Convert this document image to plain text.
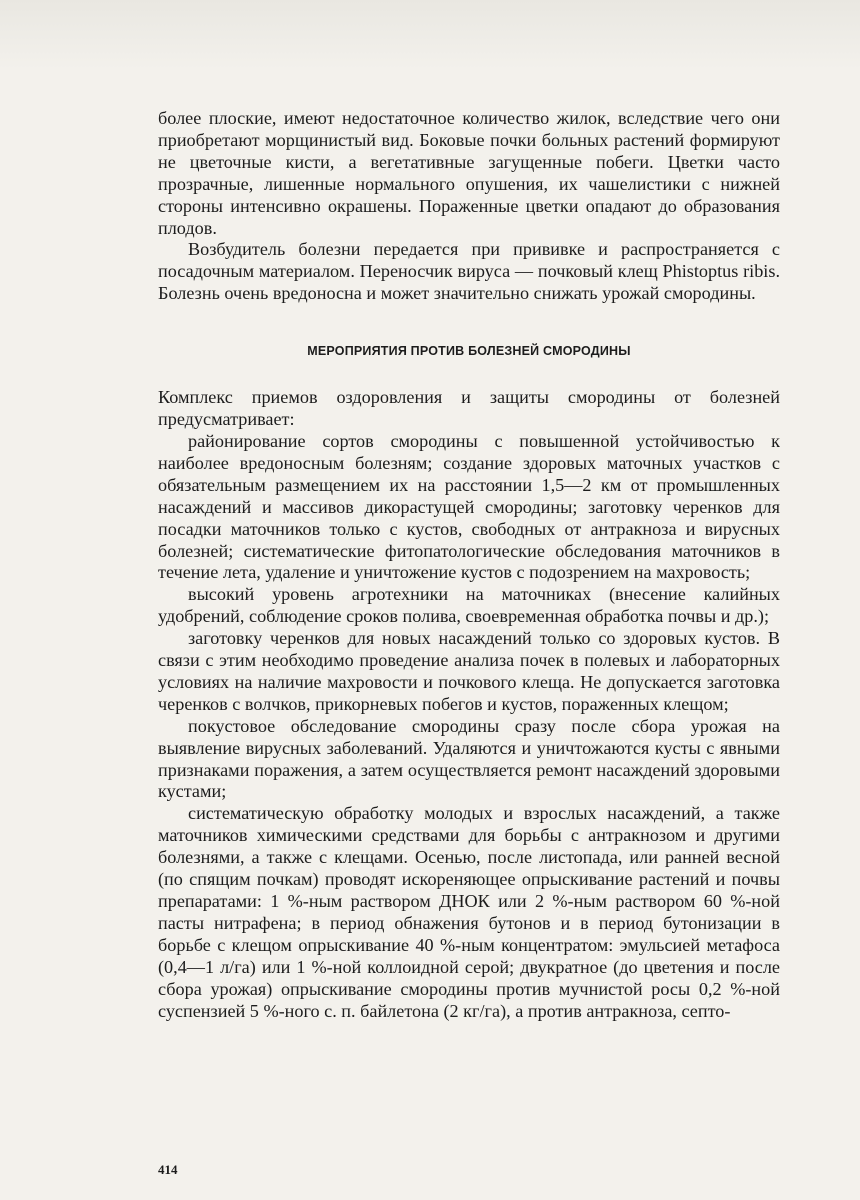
более плоские, имеют недостаточное количество жилок, вследствие чего они приобретают морщинистый вид. Боковые почки больных растений формируют не цветочные кисти, а вегетативные загущенные побеги. Цветки часто прозрачные, лишенные нормального опушения, их чашелистики с нижней стороны интенсивно окрашены. Пораженные цветки опадают до образования плодов.

Возбудитель болезни передается при прививке и распространяется с посадочным материалом. Переносчик вируса — почковый клещ Phistoptus ribis. Болезнь очень вредоносна и может значительно снижать урожай смородины.

МЕРОПРИЯТИЯ ПРОТИВ БОЛЕЗНЕЙ СМОРОДИНЫ

Комплекс приемов оздоровления и защиты смородины от болезней предусматривает:

районирование сортов смородины с повышенной устойчивостью к наиболее вредоносным болезням; создание здоровых маточных участков с обязательным размещением их на расстоянии 1,5—2 км от промышленных насаждений и массивов дикорастущей смородины; заготовку черенков для посадки маточников только с кустов, свободных от антракноза и вирусных болезней; систематические фитопатологические обследования маточников в течение лета, удаление и уничтожение кустов с подозрением на махровость;

высокий уровень агротехники на маточниках (внесение калийных удобрений, соблюдение сроков полива, своевременная обработка почвы и др.);

заготовку черенков для новых насаждений только со здоровых кустов. В связи с этим необходимо проведение анализа почек в полевых и лабораторных условиях на наличие махровости и почкового клеща. Не допускается заготовка черенков с волчков, прикорневых побегов и кустов, пораженных клещом;

покустовое обследование смородины сразу после сбора урожая на выявление вирусных заболеваний. Удаляются и уничтожаются кусты с явными признаками поражения, а затем осуществляется ремонт насаждений здоровыми кустами;

систематическую обработку молодых и взрослых насаждений, а также маточников химическими средствами для борьбы с антракнозом и другими болезнями, а также с клещами. Осенью, после листопада, или ранней весной (по спящим почкам) проводят искореняющее опрыскивание растений и почвы препаратами: 1 %-ным раствором ДНОК или 2 %-ным раствором 60 %-ной пасты нитрафена; в период обнажения бутонов и в период бутонизации в борьбе с клещом опрыскивание 40 %-ным концентратом: эмульсией метафоса (0,4—1 л/га) или 1 %-ной коллоидной серой; двукратное (до цветения и после сбора урожая) опрыскивание смородины против мучнистой росы 0,2 %-ной суспензией 5 %-ного с. п. байлетона (2 кг/га), а против антракноза, септо-

414
